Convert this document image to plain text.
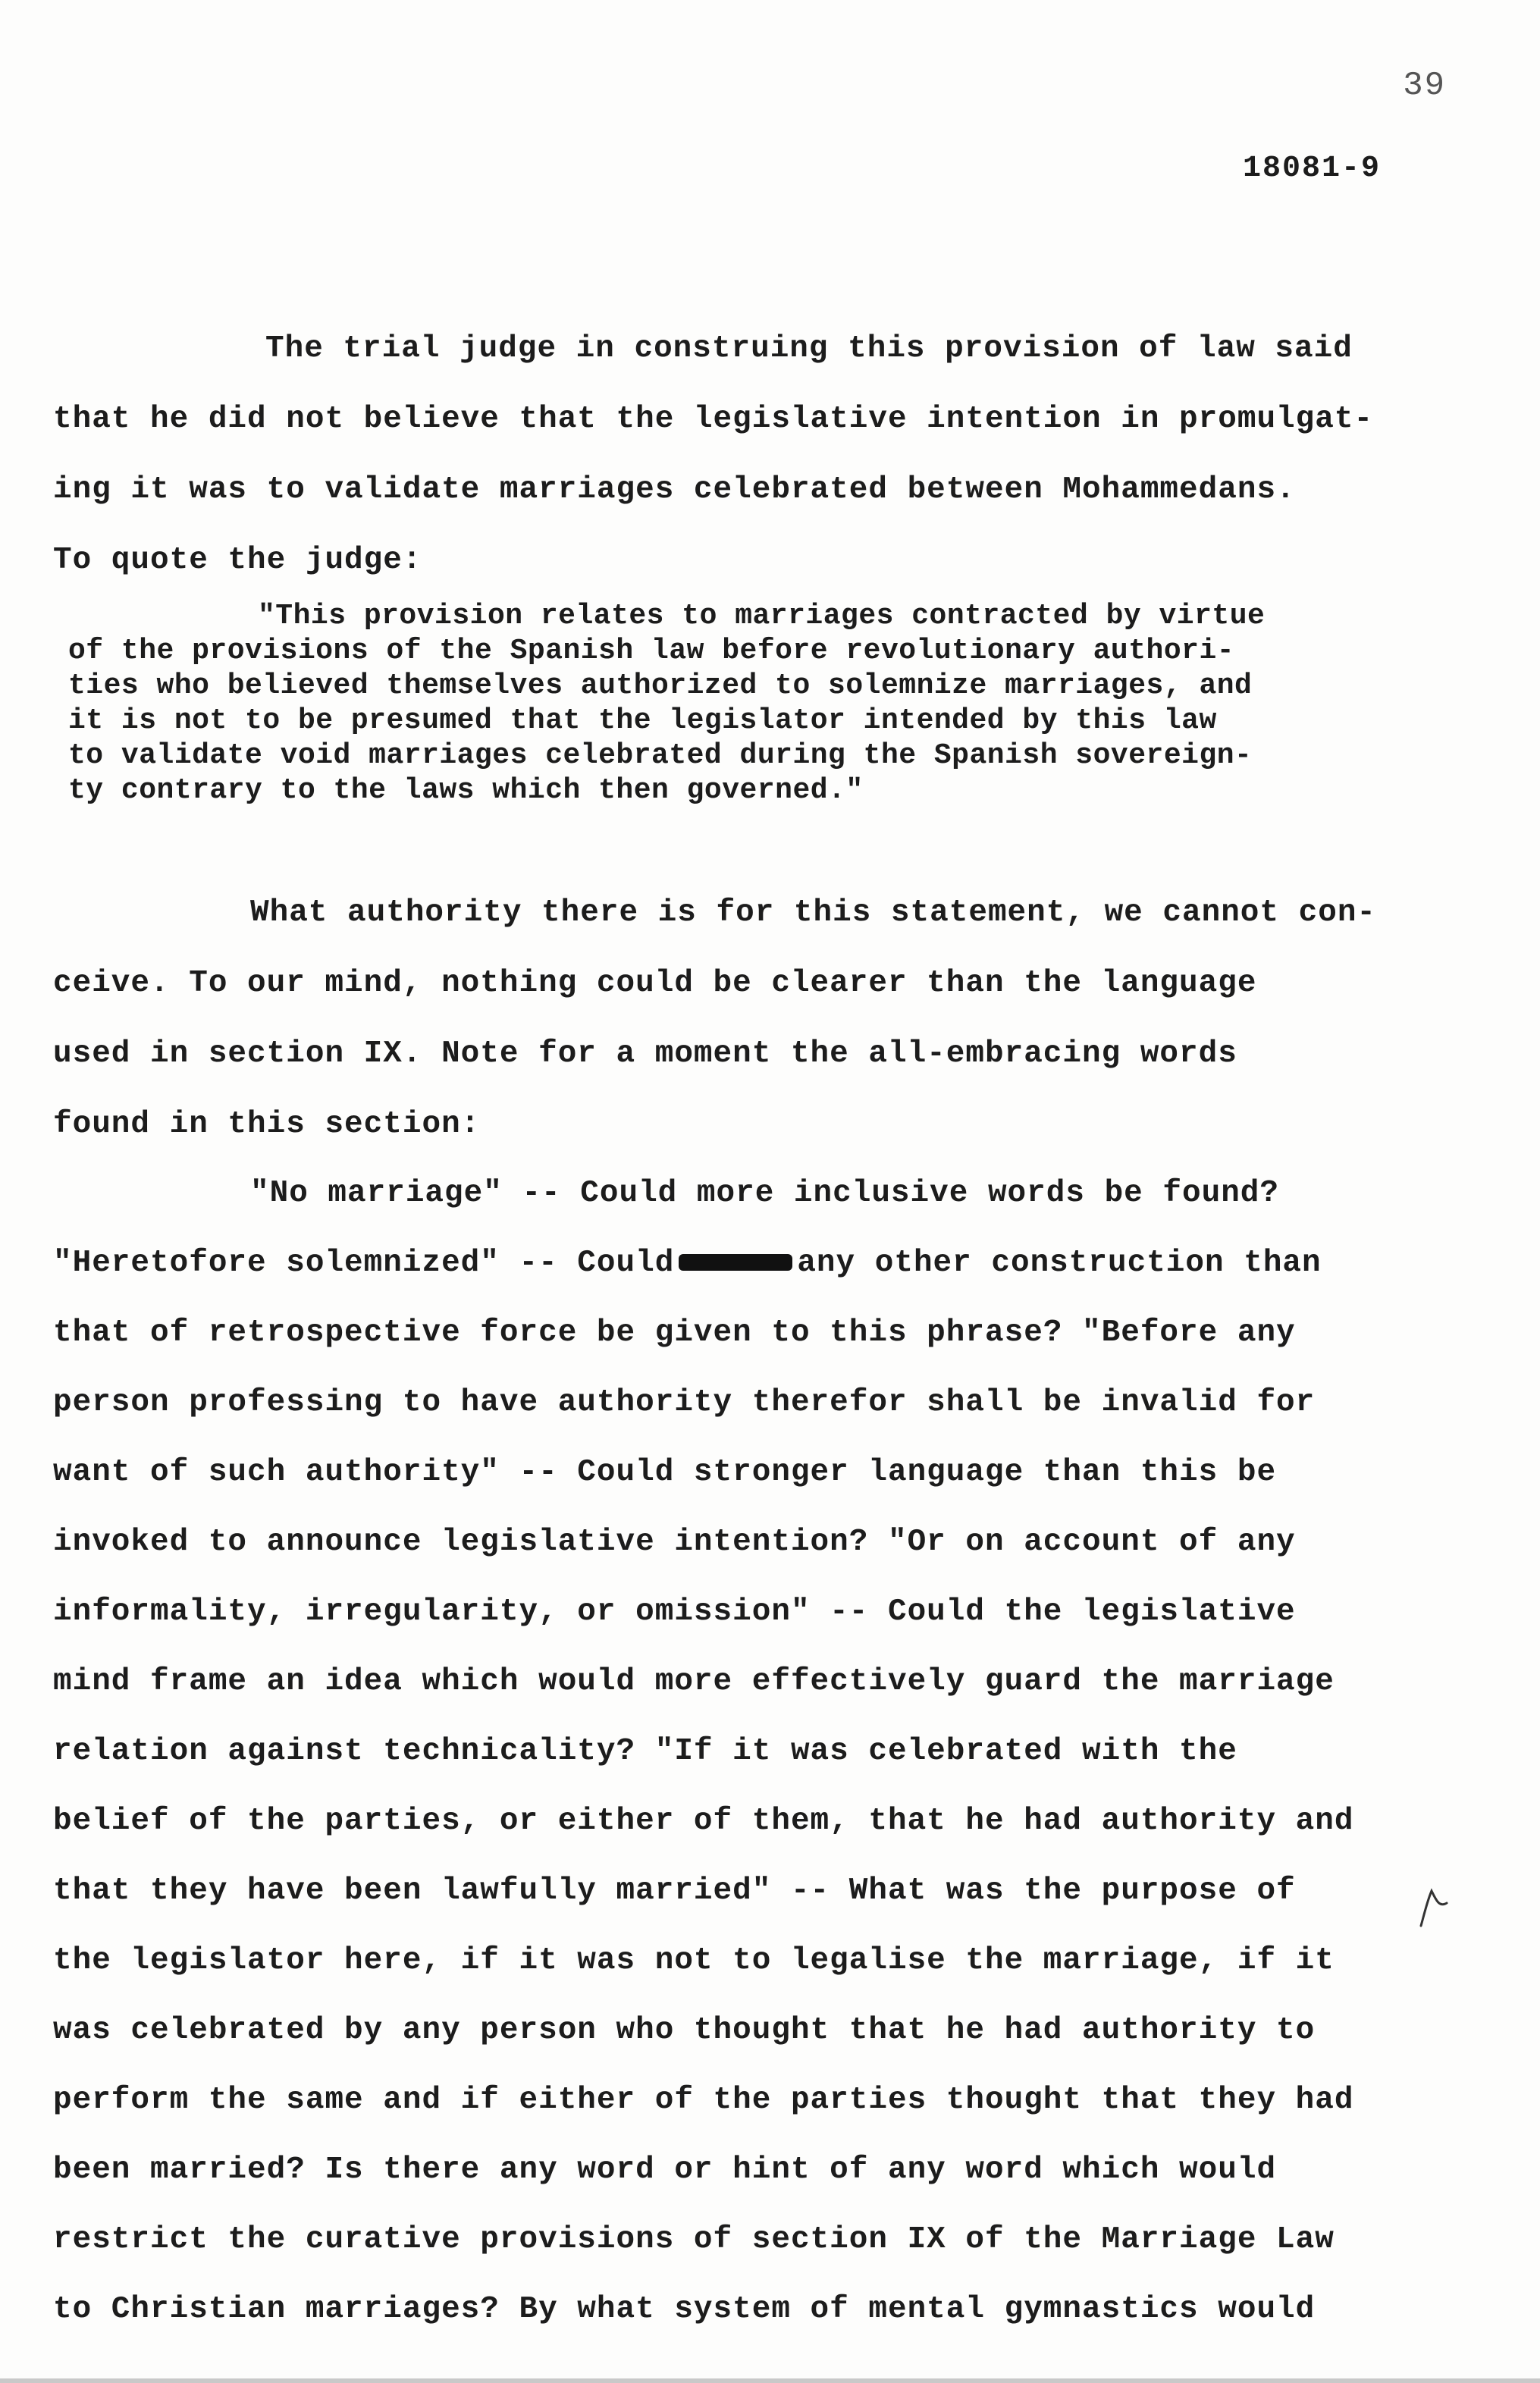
39
18081-9
The trial judge in construing this provision of law said
that he did not believe that the legislative intention in promulgat-
ing it was to validate marriages celebrated between Mohammedans.
To quote the judge:
"This provision relates to marriages contracted by virtue
of the provisions of the Spanish law before revolutionary authori-
ties who believed themselves authorized to solemnize marriages, and
it is not to be presumed that the legislator intended by this law
to validate void marriages celebrated during the Spanish sovereign-
ty contrary to the laws which then governed."
What authority there is for this statement, we cannot con-
ceive. To our mind, nothing could be clearer than the language
used in section IX. Note for a moment the all-embracing words
found in this section:
"No marriage" -- Could more inclusive words be found?
"Heretofore solemnized" -- Could	any other construction than
that of retrospective force be given to this phrase? "Before any
person professing to have authority therefor shall be invalid for
want of such authority" -- Could stronger language than this be
invoked to announce legislative intention? "Or on account of any
informality, irregularity, or omission" -- Could the legislative
mind frame an idea which would more effectively guard the marriage
relation against technicality? "If it was celebrated with the
belief of the parties, or either of them, that he had authority and
that they have been lawfully married" -- What was the purpose of
the legislator here, if it was not to legalise the marriage, if it
was celebrated by any person who thought that he had authority to
perform the same and if either of the parties thought that they had
been married? Is there any word or hint of any word which would
restrict the curative provisions of section IX of the Marriage Law
to Christian marriages? By what system of mental gymnastics would
